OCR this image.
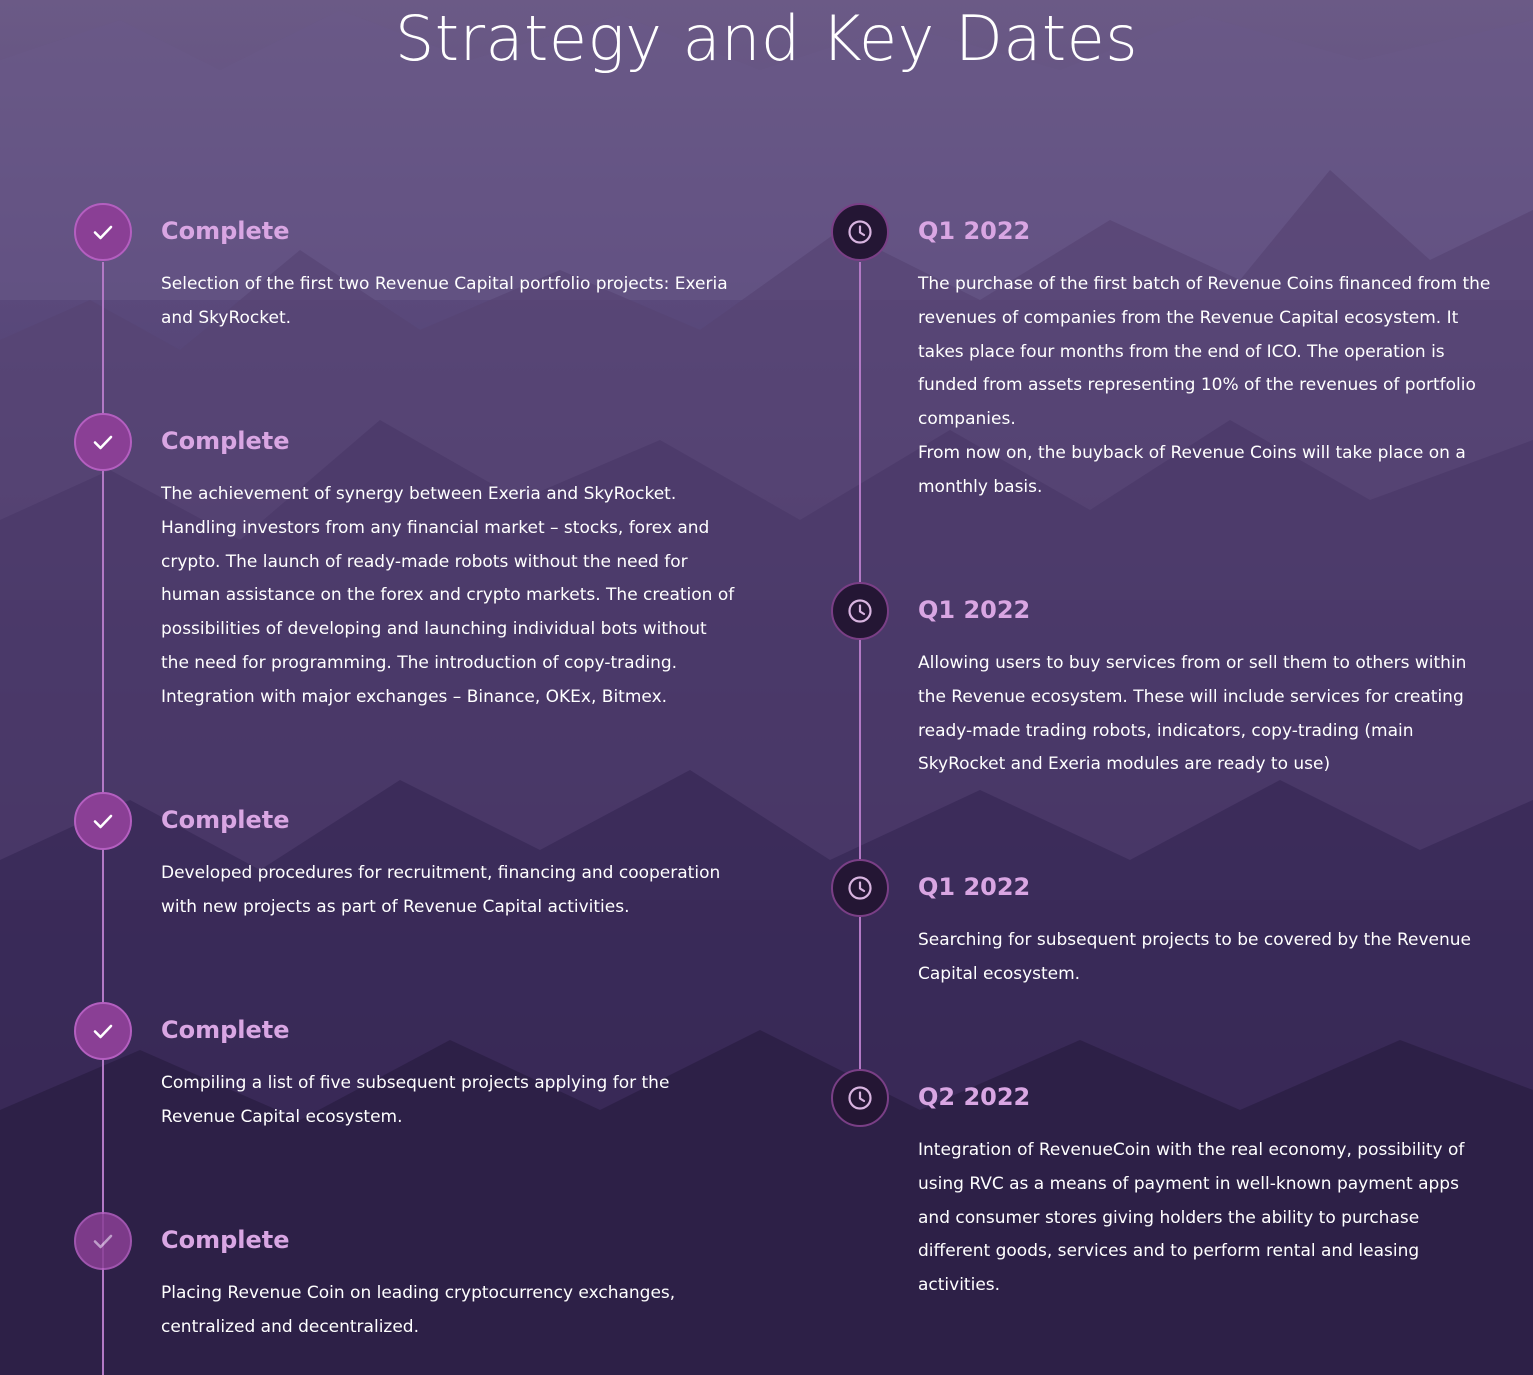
Strategy and Key Dates
Complete
Selection of the first two Revenue Capital portfolio projects: Exeria
and SkyRocket.
Complete
The achievement of synergy between Exeria and SkyRocket.
Handling investors from any financial market – stocks, forex and
crypto. The launch of ready-made robots without the need for
human assistance on the forex and crypto markets. The creation of
possibilities of developing and launching individual bots without
the need for programming. The introduction of copy-trading.
Integration with major exchanges – Binance, OKEx, Bitmex.
Complete
Developed procedures for recruitment, financing and cooperation
with new projects as part of Revenue Capital activities.
Complete
Compiling a list of five subsequent projects applying for the
Revenue Capital ecosystem.
Complete
Placing Revenue Coin on leading cryptocurrency exchanges,
centralized and decentralized.
Q1 2022
The purchase of the first batch of Revenue Coins financed from the
revenues of companies from the Revenue Capital ecosystem. It
takes place four months from the end of ICO. The operation is
funded from assets representing 10% of the revenues of portfolio
companies.
From now on, the buyback of Revenue Coins will take place on a
monthly basis.
Q1 2022
Allowing users to buy services from or sell them to others within
the Revenue ecosystem. These will include services for creating
ready-made trading robots, indicators, copy-trading (main
SkyRocket and Exeria modules are ready to use)
Q1 2022
Searching for subsequent projects to be covered by the Revenue
Capital ecosystem.
Q2 2022
Integration of RevenueCoin with the real economy, possibility of
using RVC as a means of payment in well-known payment apps
and consumer stores giving holders the ability to purchase
different goods, services and to perform rental and leasing
activities.
